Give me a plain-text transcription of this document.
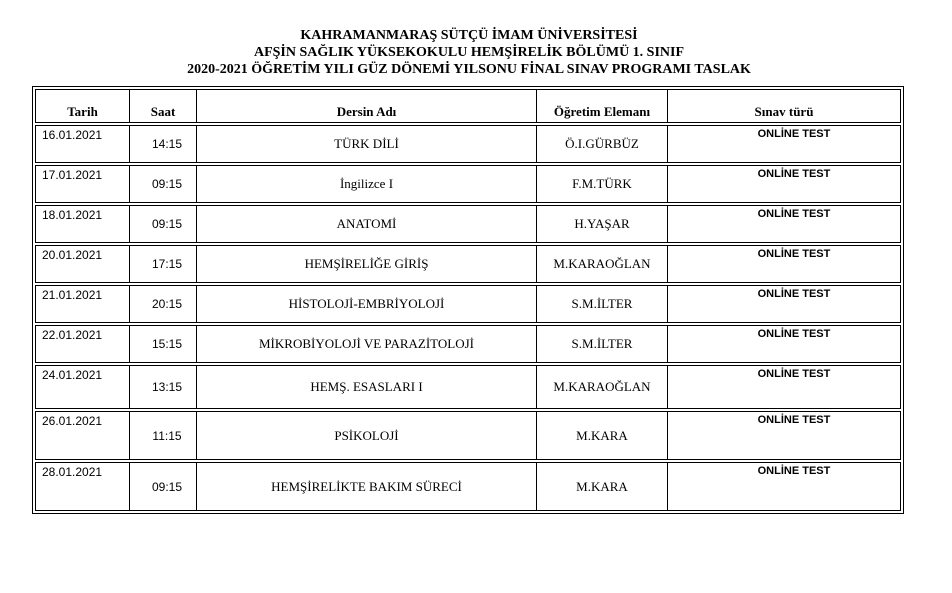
KAHRAMANMARAŞ SÜTÇÜ İMAM ÜNİVERSİTESİ
AFŞİN SAĞLIK YÜKSEKOKULU HEMŞİRELİK BÖLÜMÜ 1. SINIF
2020-2021 ÖĞRETİM YILI GÜZ DÖNEMİ YILSONU FİNAL SINAV PROGRAMI TASLAK
Tarih	Saat	Dersin Adı	Öğretim Elemanı	Sınav türü
16.01.2021	14:15	TÜRK DİLİ	Ö.I.GÜRBÜZ	ONLİNE TEST
17.01.2021	09:15	İngilizce I	F.M.TÜRK	ONLİNE TEST
18.01.2021	09:15	ANATOMİ	H.YAŞAR	ONLİNE TEST
20.01.2021	17:15	HEMŞİRELİĞE GİRİŞ	M.KARAOĞLAN	ONLİNE TEST
21.01.2021	20:15	HİSTOLOJİ-EMBRİYOLOJİ	S.M.İLTER	ONLİNE TEST
22.01.2021	15:15	MİKROBİYOLOJİ VE PARAZİTOLOJİ	S.M.İLTER	ONLİNE TEST
24.01.2021	13:15	HEMŞ. ESASLARI I	M.KARAOĞLAN	ONLİNE TEST
26.01.2021	11:15	PSİKOLOJİ	M.KARA	ONLİNE TEST
28.01.2021	09:15	HEMŞİRELİKTE BAKIM SÜRECİ	M.KARA	ONLİNE TEST
